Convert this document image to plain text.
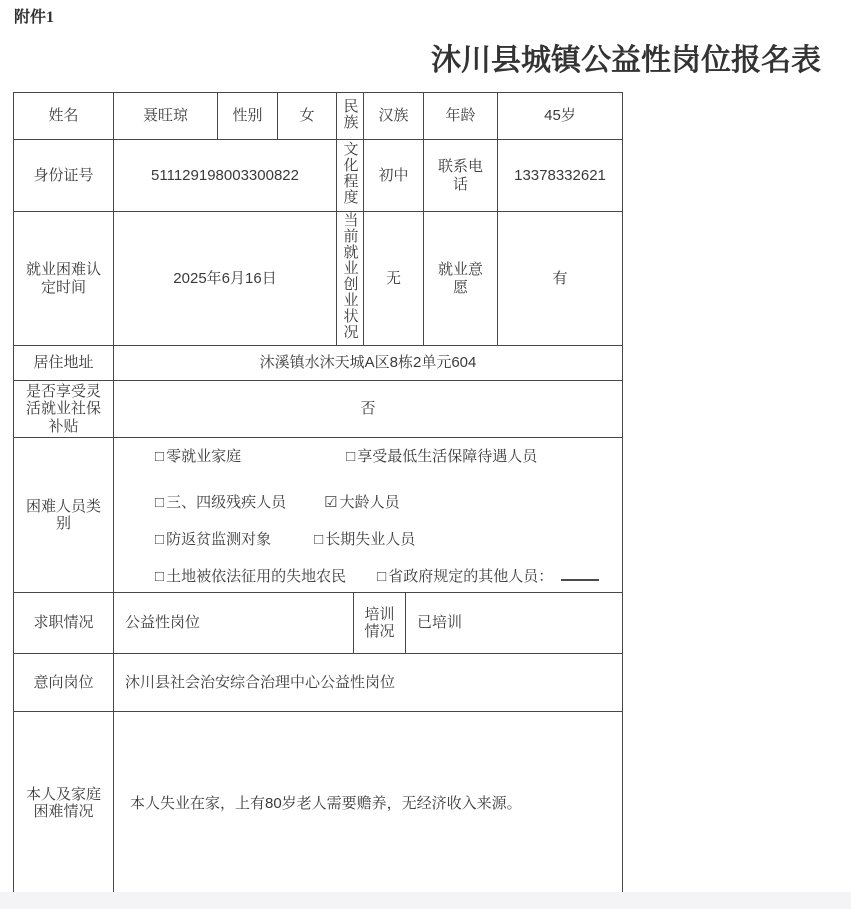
附件1
沐川县城镇公益性岗位报名表
姓名	聂旺琼	性别	女	民族		汉族		年龄	45岁
身份证号	511129198003300822			文化程度		初中		联系电话	13378332621
就业困难认定时间	2025年6月16日			当前就业创业状况		无		就业意愿	有
居住地址	沐溪镇水沐天城A区8栋2单元604								
是否享受灵活就业社保补贴	否								
困难人员类别	□ 零就业家庭 □ 享受最低生活保障待遇人员
□ 三、四级残疾人员 ☑ 大龄人员
□ 防返贫监测对象 □ 长期失业人员
□ 土地被依法征用的失地农民 □ 省政府规定的其他人员：								

求职情况	公益性岗位				培训情况		已培训		
意向岗位	沐川县社会治安综合治理中心公益性岗位								
本人及家庭困难情况	本人失业在家，上有80岁老人需要赡养，无经济收入来源。								
